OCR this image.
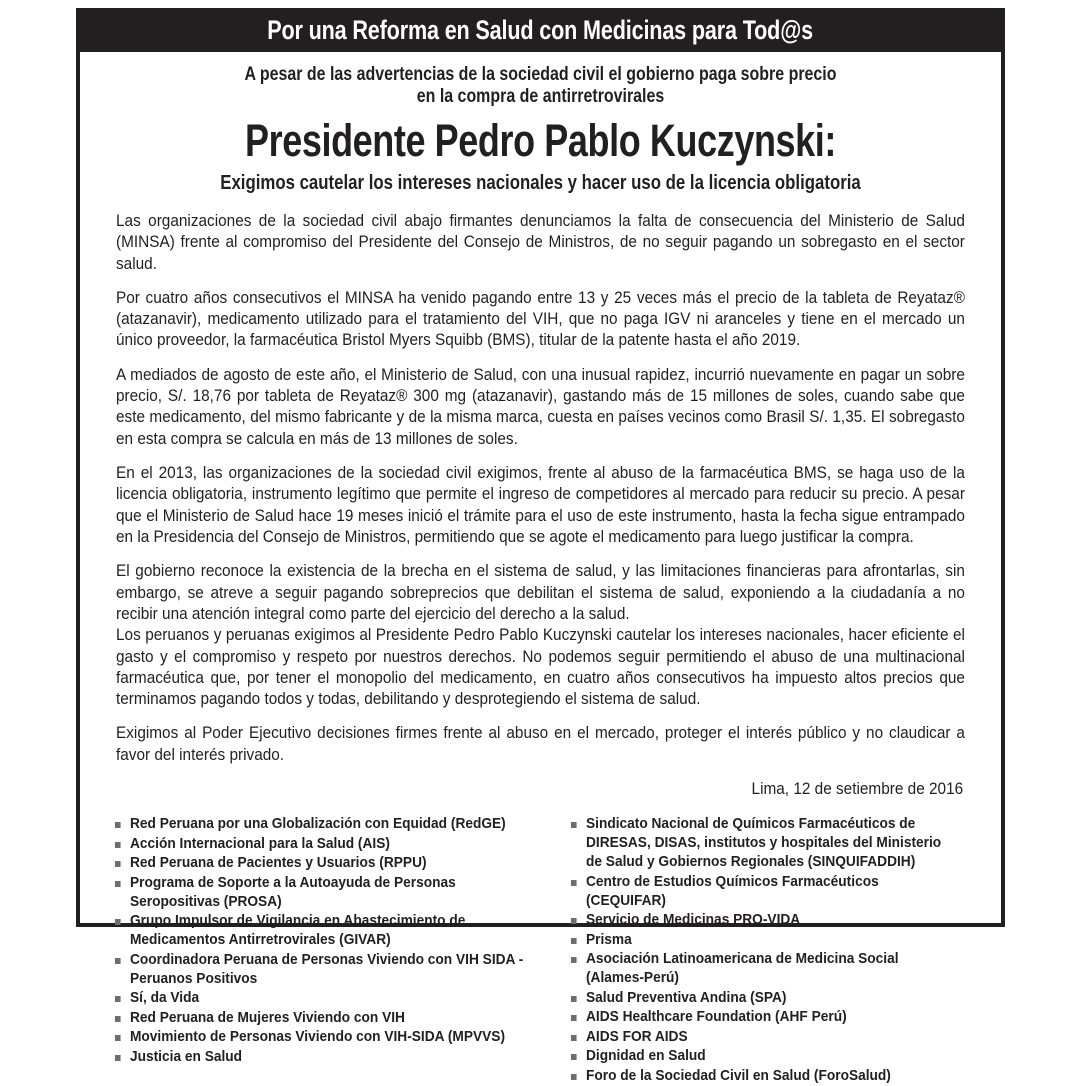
Por una Reforma en Salud con Medicinas para Tod@s
A pesar de las advertencias de la sociedad civil el gobierno paga sobre precio
en la compra de antirretrovirales
Presidente Pedro Pablo Kuczynski:
Exigimos cautelar los intereses nacionales y hacer uso de la licencia obligatoria

Las organizaciones de la sociedad civil abajo firmantes denunciamos la falta de consecuencia del Ministerio de Salud (MINSA) frente al compromiso del Presidente del Consejo de Ministros, de no seguir pagando un sobregasto en el sector salud.

Por cuatro años consecutivos el MINSA ha venido pagando entre 13 y 25 veces más el precio de la tableta de Reyataz® (atazanavir), medicamento utilizado para el tratamiento del VIH, que no paga IGV ni aranceles y tiene en el mercado un único proveedor, la farmacéutica Bristol Myers Squibb (BMS), titular de la patente hasta el año 2019.

A mediados de agosto de este año, el Ministerio de Salud, con una inusual rapidez, incurrió nuevamente en pagar un sobre precio, S/. 18,76 por tableta de Reyataz® 300 mg (atazanavir), gastando más de 15 millones de soles, cuando sabe que este medicamento, del mismo fabricante y de la misma marca, cuesta en países vecinos como Brasil S/. 1,35. El sobregasto en esta compra se calcula en más de 13 millones de soles.

En el 2013, las organizaciones de la sociedad civil exigimos, frente al abuso de la farmacéutica BMS, se haga uso de la licencia obligatoria, instrumento legítimo que permite el ingreso de competidores al mercado para reducir su precio. A pesar que el Ministerio de Salud hace 19 meses inició el trámite para el uso de este instrumento, hasta la fecha sigue entrampado en la Presidencia del Consejo de Ministros, permitiendo que se agote el medicamento para luego justificar la compra.

El gobierno reconoce la existencia de la brecha en el sistema de salud, y las limitaciones financieras para afrontarlas, sin embargo, se atreve a seguir pagando sobreprecios que debilitan el sistema de salud, exponiendo a la ciudadanía a no recibir una atención integral como parte del ejercicio del derecho a la salud.

Los peruanos y peruanas exigimos al Presidente Pedro Pablo Kuczynski cautelar los intereses nacionales, hacer eficiente el gasto y el compromiso y respeto por nuestros derechos. No podemos seguir permitiendo el abuso de una multinacional farmacéutica que, por tener el monopolio del medicamento, en cuatro años consecutivos ha impuesto altos precios que terminamos pagando todos y todas, debilitando y desprotegiendo el sistema de salud.

Exigimos al Poder Ejecutivo decisiones firmes frente al abuso en el mercado, proteger el interés público y no claudicar a favor del interés privado.

Lima, 12 de setiembre de 2016
Red Peruana por una Globalización con Equidad (RedGE)
Acción Internacional para la Salud (AIS)
Red Peruana de Pacientes y Usuarios (RPPU)
Programa de Soporte a la Autoayuda de Personas Seropositivas (PROSA)
Grupo Impulsor de Vigilancia en Abastecimiento de Medicamentos Antirretrovirales (GIVAR)
Coordinadora Peruana de Personas Viviendo con VIH SIDA - Peruanos Positivos
Sí, da Vida
Red Peruana de Mujeres Viviendo con VIH
Movimiento de Personas Viviendo con VIH-SIDA (MPVVS)
Justicia en Salud
Sindicato Nacional de Químicos Farmacéuticos de DIRESAS, DISAS, institutos y hospitales del Ministerio de Salud y Gobiernos Regionales (SINQUIFADDIH)
Centro de Estudios Químicos Farmacéuticos (CEQUIFAR)
Servicio de Medicinas PRO-VIDA
Prisma
Asociación Latinoamericana de Medicina Social (Alames-Perú)
Salud Preventiva Andina (SPA)
AIDS Healthcare Foundation (AHF Perú)
AIDS FOR AIDS
Dignidad en Salud
Foro de la Sociedad Civil en Salud (ForoSalud)
